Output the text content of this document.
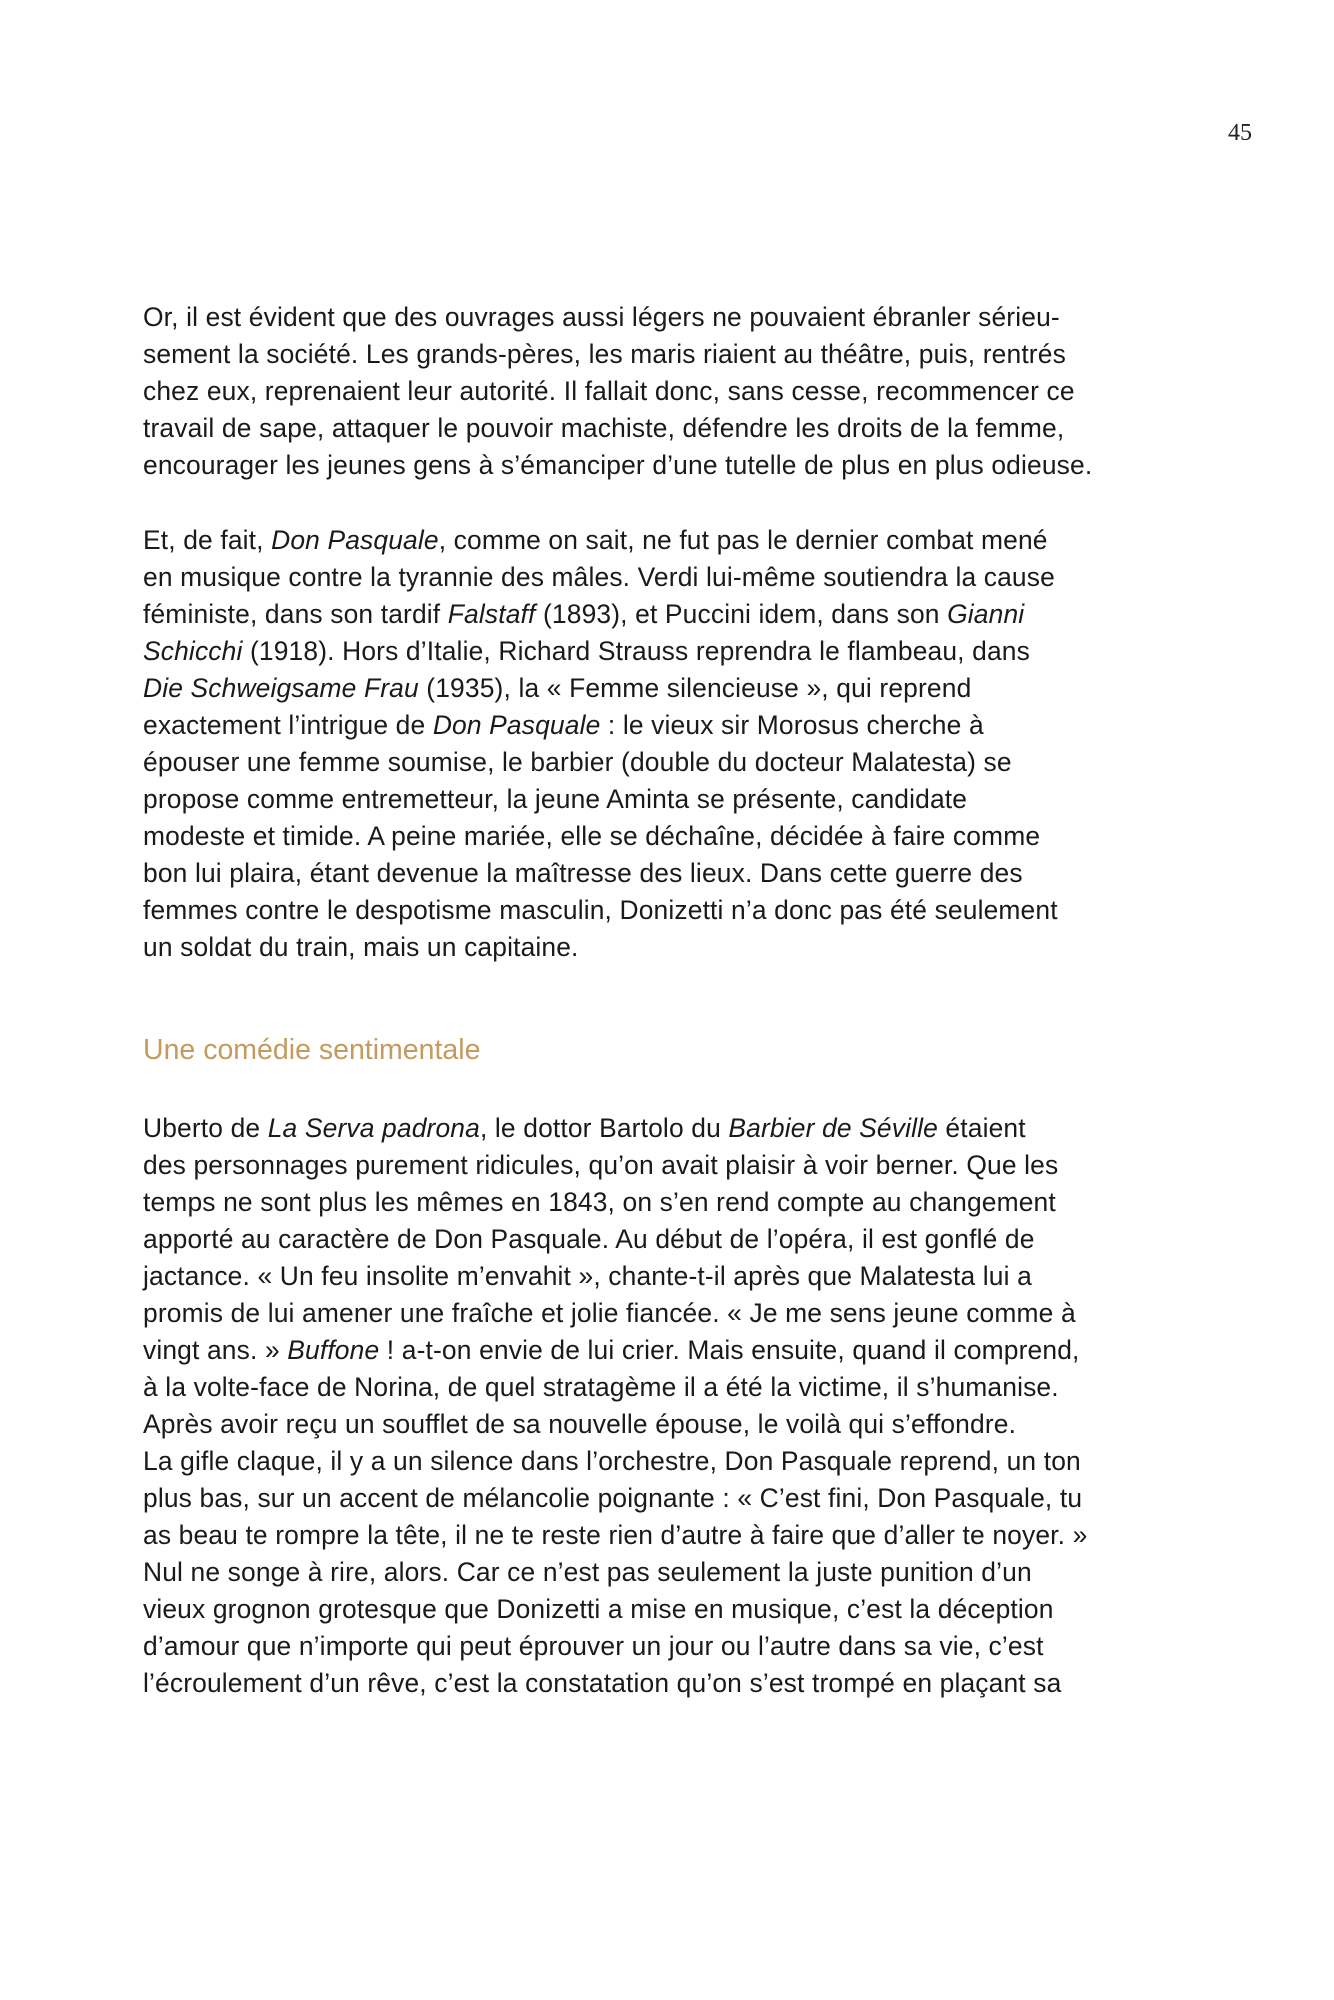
45

Or, il est évident que des ouvrages aussi légers ne pouvaient ébranler sérieu-
sement la société. Les grands-pères, les maris riaient au théâtre, puis, rentrés
chez eux, reprenaient leur autorité. Il fallait donc, sans cesse, recommencer ce
travail de sape, attaquer le pouvoir machiste, défendre les droits de la femme,
encourager les jeunes gens à s’émanciper d’une tutelle de plus en plus odieuse.

Et, de fait, Don Pasquale, comme on sait, ne fut pas le dernier combat mené
en musique contre la tyrannie des mâles. Verdi lui-même soutiendra la cause
féministe, dans son tardif Falstaff (1893), et Puccini idem, dans son Gianni
Schicchi (1918). Hors d’Italie, Richard Strauss reprendra le flambeau, dans
Die Schweigsame Frau (1935), la « Femme silencieuse », qui reprend
exactement l’intrigue de Don Pasquale : le vieux sir Morosus cherche à
épouser une femme soumise, le barbier (double du docteur Malatesta) se
propose comme entremetteur, la jeune Aminta se présente, candidate
modeste et timide. A peine mariée, elle se déchaîne, décidée à faire comme
bon lui plaira, étant devenue la maîtresse des lieux. Dans cette guerre des
femmes contre le despotisme masculin, Donizetti n’a donc pas été seulement
un soldat du train, mais un capitaine.

Une comédie sentimentale

Uberto de La Serva padrona, le dottor Bartolo du Barbier de Séville étaient
des personnages purement ridicules, qu’on avait plaisir à voir berner. Que les
temps ne sont plus les mêmes en 1843, on s’en rend compte au changement
apporté au caractère de Don Pasquale. Au début de l’opéra, il est gonflé de
jactance. « Un feu insolite m’envahit », chante-t-il après que Malatesta lui a
promis de lui amener une fraîche et jolie fiancée. « Je me sens jeune comme à
vingt ans. » Buffone ! a-t-on envie de lui crier. Mais ensuite, quand il comprend,
à la volte-face de Norina, de quel stratagème il a été la victime, il s’humanise.
Après avoir reçu un soufflet de sa nouvelle épouse, le voilà qui s’effondre.
La gifle claque, il y a un silence dans l’orchestre, Don Pasquale reprend, un ton
plus bas, sur un accent de mélancolie poignante : « C’est fini, Don Pasquale, tu
as beau te rompre la tête, il ne te reste rien d’autre à faire que d’aller te noyer. »
Nul ne songe à rire, alors. Car ce n’est pas seulement la juste punition d’un
vieux grognon grotesque que Donizetti a mise en musique, c’est la déception
d’amour que n’importe qui peut éprouver un jour ou l’autre dans sa vie, c’est
l’écroulement d’un rêve, c’est la constatation qu’on s’est trompé en plaçant sa
